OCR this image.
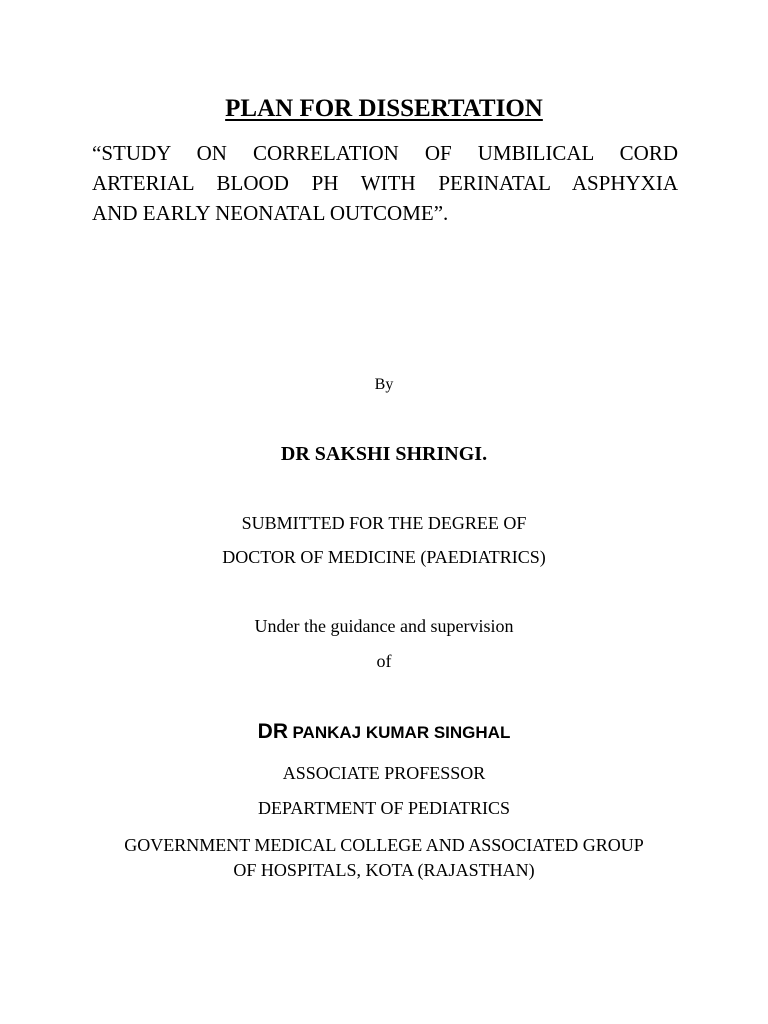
PLAN FOR DISSERTATION
“STUDY ON CORRELATION OF UMBILICAL CORD
ARTERIAL BLOOD PH WITH PERINATAL ASPHYXIA
AND EARLY NEONATAL OUTCOME”.
By
DR SAKSHI SHRINGI.
SUBMITTED FOR THE DEGREE OF
DOCTOR OF MEDICINE (PAEDIATRICS)
Under the guidance and supervision
of
DR PANKAJ KUMAR SINGHAL
ASSOCIATE PROFESSOR
DEPARTMENT OF PEDIATRICS
GOVERNMENT MEDICAL COLLEGE AND ASSOCIATED GROUP
OF HOSPITALS, KOTA (RAJASTHAN)
